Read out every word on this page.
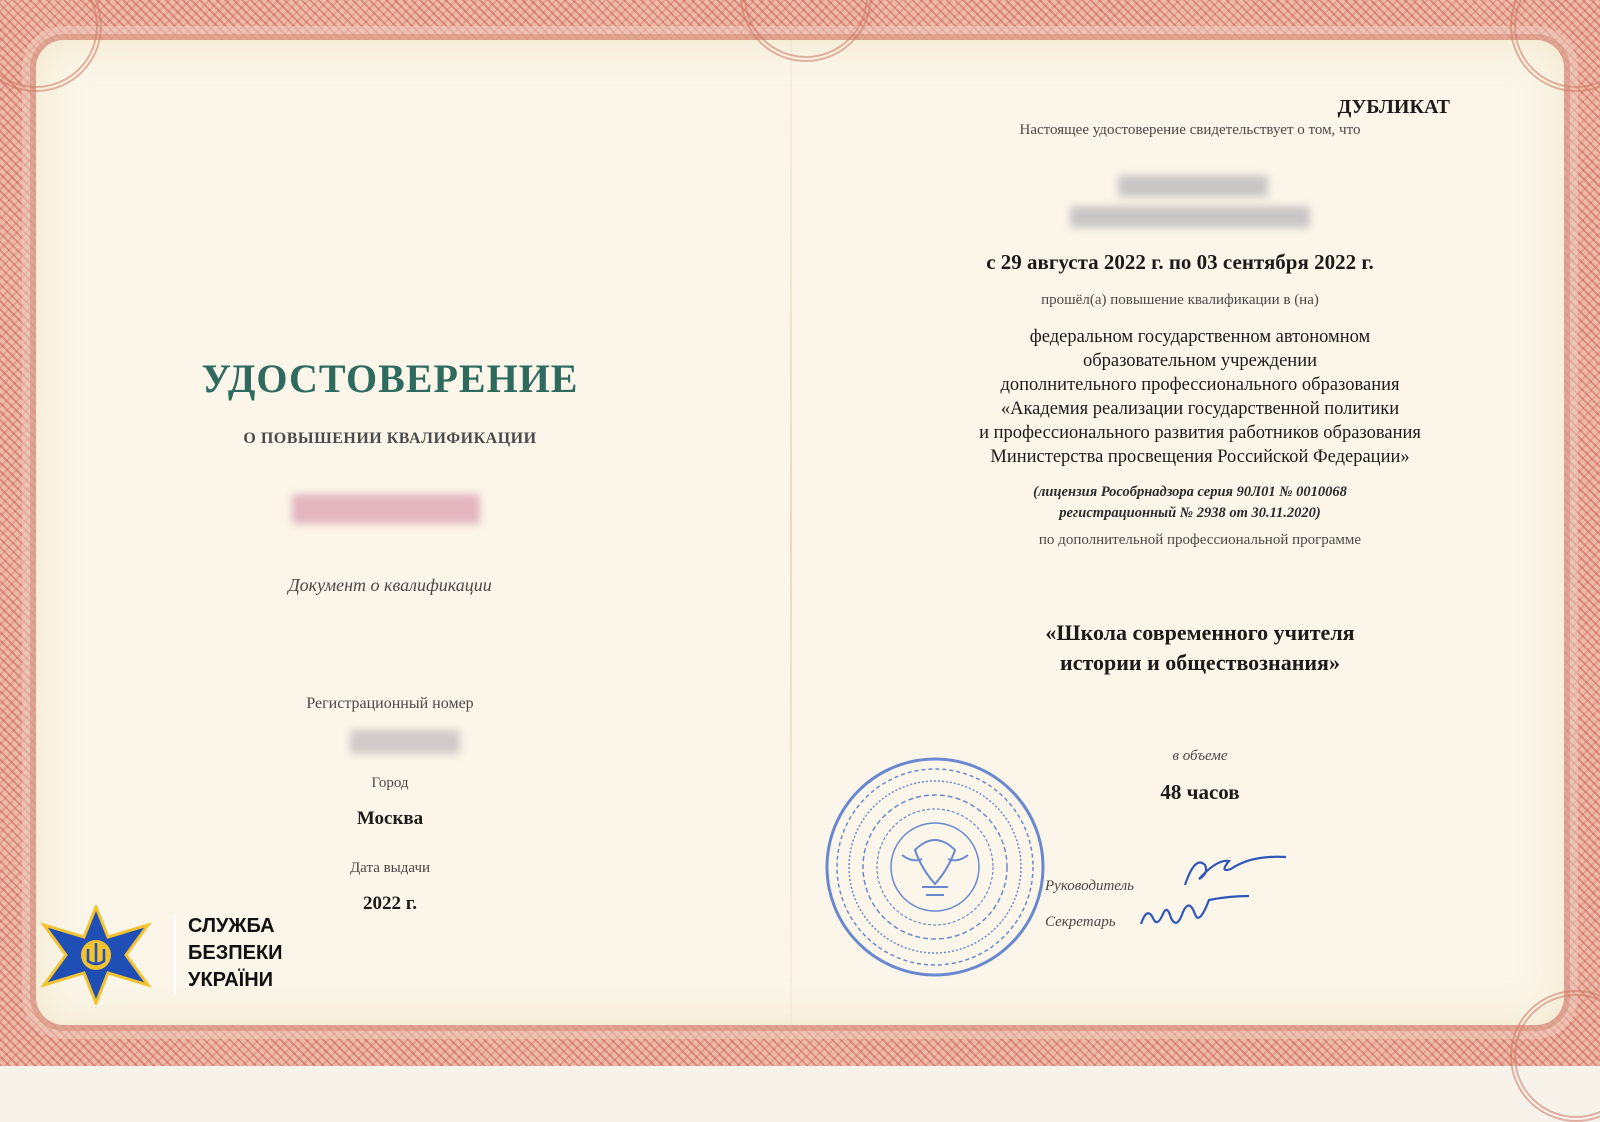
УДОСТОВЕРЕНИЕ
О ПОВЫШЕНИИ КВАЛИФИКАЦИИ
Документ о квалификации
Регистрационный номер
Город
Москва
Дата выдачи
2022 г.
ДУБЛИКАТ
Настоящее удостоверение свидетельствует о том, что
с 29 августа 2022 г. по 03 сентября 2022 г.
прошёл(а) повышение квалификации в (на)
федеральном государственном автономном
образовательном учреждении
дополнительного профессионального образования
«Академия реализации государственной политики
и профессионального развития работников образования
Министерства просвещения Российской Федерации»
(лицензия Рособрнадзора серия 90Л01 № 0010068
регистрационный № 2938 от 30.11.2020)
по дополнительной профессиональной программе
«Школа современного учителя
истории и обществознания»
в объеме
48 часов
Руководитель
Секретарь
СЛУЖБА
БЕЗПЕКИ
УКРАЇНИ
